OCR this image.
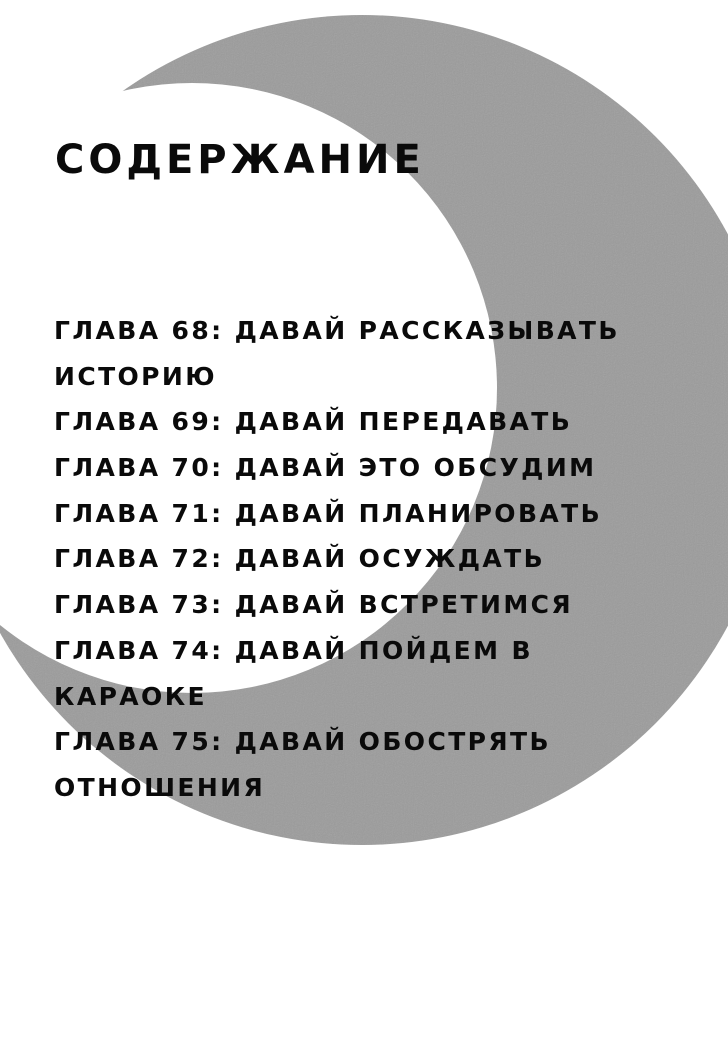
СОДЕРЖАНИЕ
ГЛАВА 68: ДАВАЙ РАССКАЗЫВАТЬ
ИСТОРИЮ
ГЛАВА 69: ДАВАЙ ПЕРЕДАВАТЬ
ГЛАВА 70: ДАВАЙ ЭТО ОБСУДИМ
ГЛАВА 71: ДАВАЙ ПЛАНИРОВАТЬ
ГЛАВА 72: ДАВАЙ ОСУЖДАТЬ
ГЛАВА 73: ДАВАЙ ВСТРЕТИМСЯ
ГЛАВА 74: ДАВАЙ ПОЙДЕМ В
КАРАОКЕ
ГЛАВА 75: ДАВАЙ ОБОСТРЯТЬ
ОТНОШЕНИЯ
